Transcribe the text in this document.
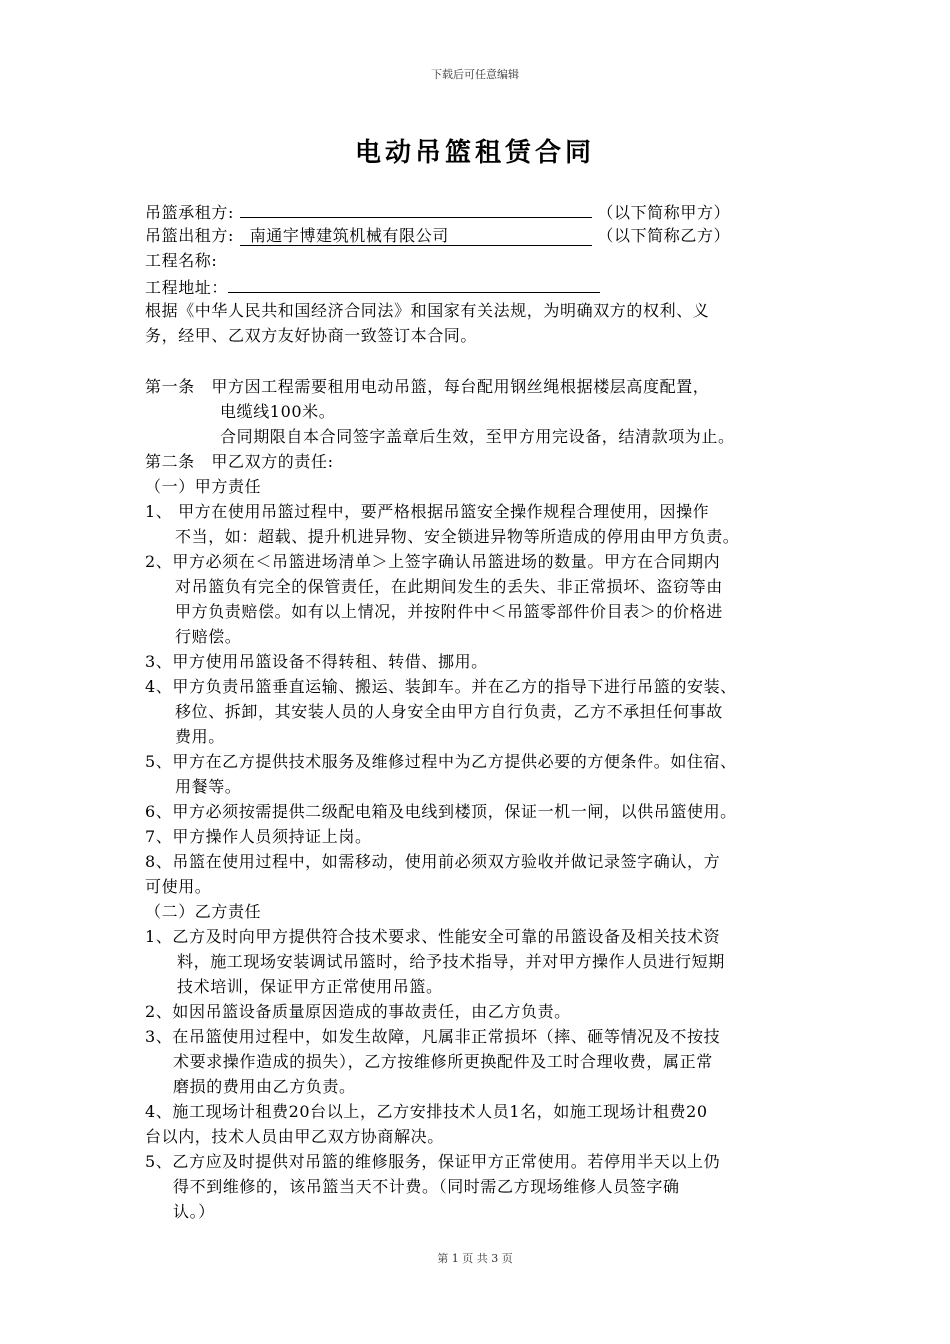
下载后可任意编辑
电动吊篮租赁合同
吊篮承租方:	（以下简称甲方）
吊篮出租方: 南通宇博建筑机械有限公司	（以下简称乙方）
工程名称:
工程地址：
根据《中华人民共和国经济合同法》和国家有关法规，为明确双方的权利、义
务，经甲、乙双方友好协商一致签订本合同。
第一条　甲方因工程需要租用电动吊篮，每台配用钢丝绳根据楼层高度配置，
电缆线100米。
合同期限自本合同签字盖章后生效，至甲方用完设备，结清款项为止。
第二条　甲乙双方的责任:
（一）甲方责任
1、 甲方在使用吊篮过程中，要严格根据吊篮安全操作规程合理使用，因操作
不当，如：超载、提升机进异物、安全锁进异物等所造成的停用由甲方负责。
2、甲方必须在＜吊篮进场清单＞上签字确认吊篮进场的数量。甲方在合同期内
对吊篮负有完全的保管责任，在此期间发生的丢失、非正常损坏、盗窃等由
甲方负责赔偿。如有以上情况，并按附件中＜吊篮零部件价目表＞的价格进
行赔偿。
3、甲方使用吊篮设备不得转租、转借、挪用。
4、甲方负责吊篮垂直运输、搬运、装卸车。并在乙方的指导下进行吊篮的安装、
移位、拆卸，其安装人员的人身安全由甲方自行负责，乙方不承担任何事故
费用。
5、甲方在乙方提供技术服务及维修过程中为乙方提供必要的方便条件。如住宿、
用餐等。
6、甲方必须按需提供二级配电箱及电线到楼顶，保证一机一闸，以供吊篮使用。
7、甲方操作人员须持证上岗。
8、吊篮在使用过程中，如需移动，使用前必须双方验收并做记录签字确认，方
可使用。
（二）乙方责任
1、乙方及时向甲方提供符合技术要求、性能安全可靠的吊篮设备及相关技术资
料，施工现场安装调试吊篮时，给予技术指导，并对甲方操作人员进行短期
技术培训，保证甲方正常使用吊篮。
2、如因吊篮设备质量原因造成的事故责任，由乙方负责。
3、在吊篮使用过程中，如发生故障，凡属非正常损坏（摔、砸等情况及不按技
术要求操作造成的损失），乙方按维修所更换配件及工时合理收费，属正常
磨损的费用由乙方负责。
4、施工现场计租费20台以上，乙方安排技术人员1名，如施工现场计租费20
台以内，技术人员由甲乙双方协商解决。
5、乙方应及时提供对吊篮的维修服务，保证甲方正常使用。若停用半天以上仍
得不到维修的，该吊篮当天不计费。（同时需乙方现场维修人员签字确
认。）
第 1 页 共 3 页
